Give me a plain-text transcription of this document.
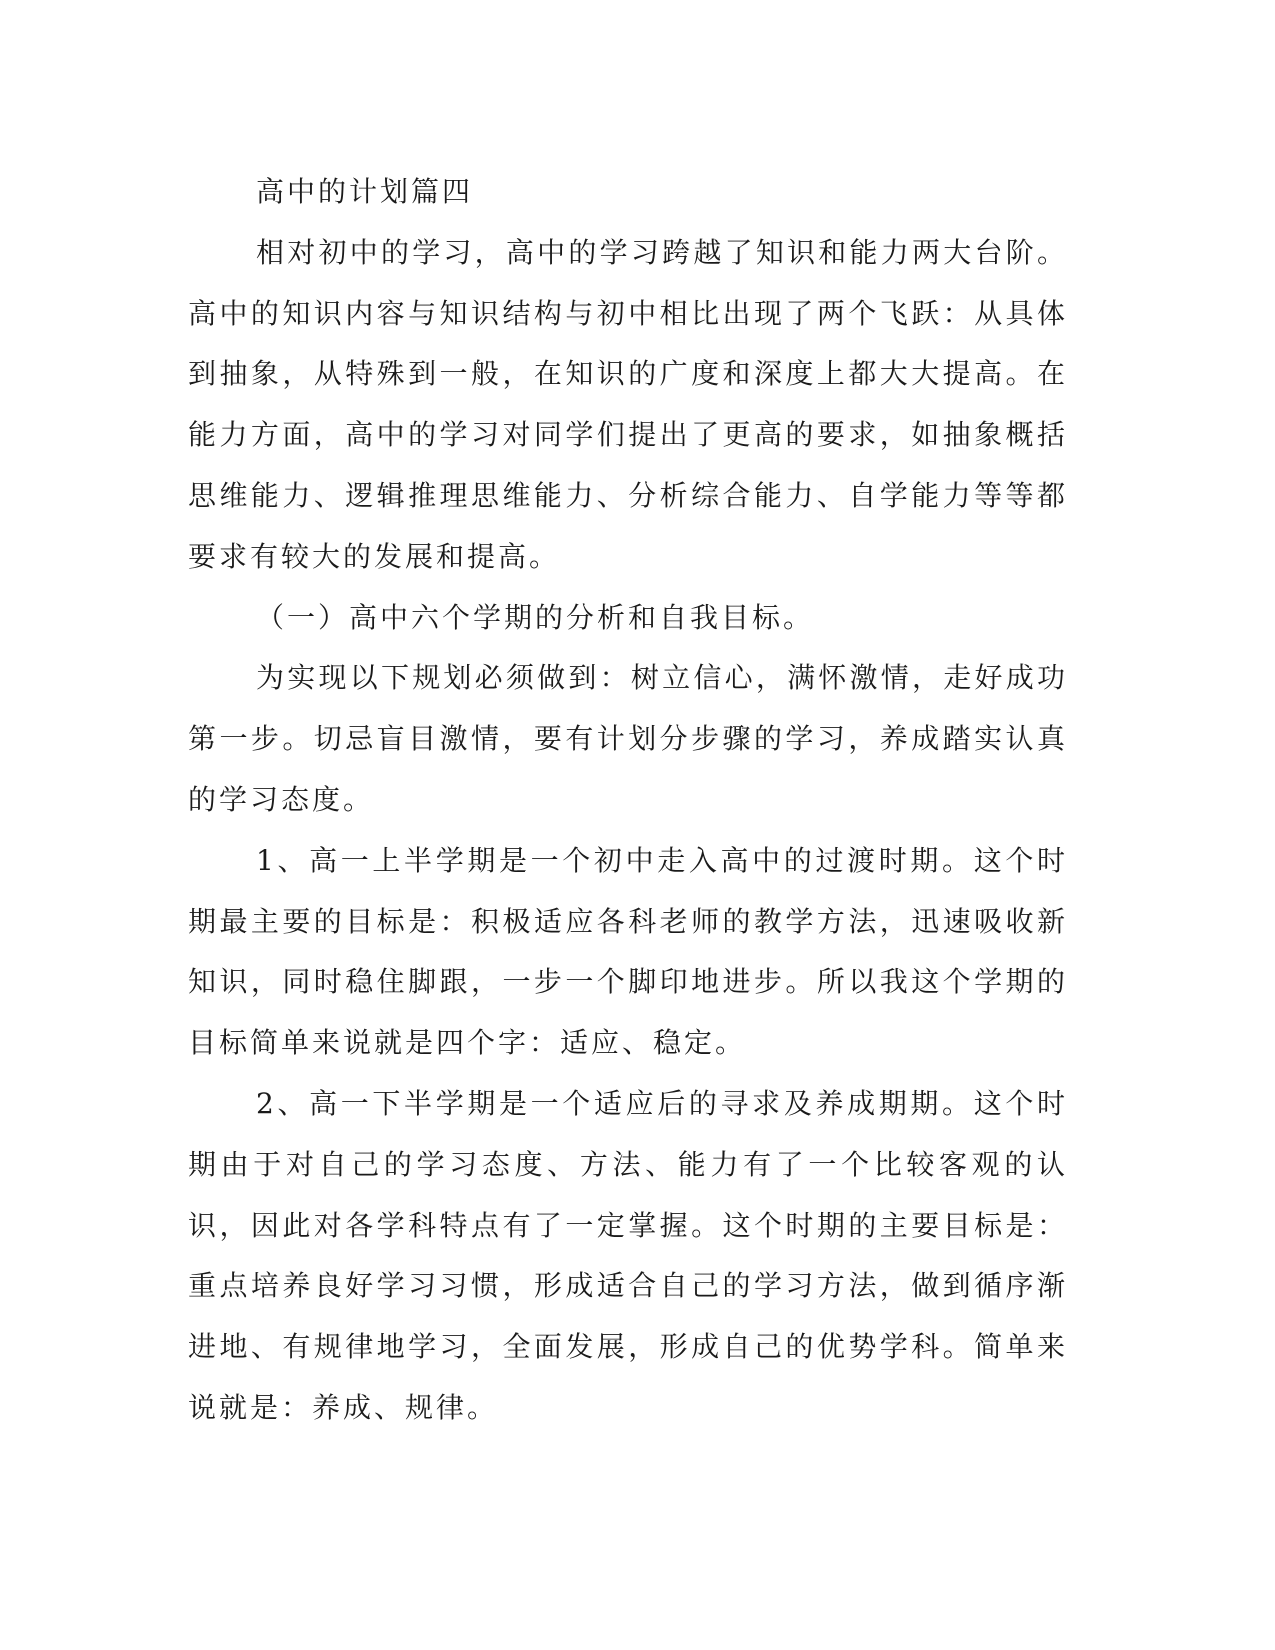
高中的计划篇四

相对初中的学习，高中的学习跨越了知识和能力两大台阶。高中的知识内容与知识结构与初中相比出现了两个飞跃：从具体到抽象，从特殊到一般，在知识的广度和深度上都大大提高。在能力方面，高中的学习对同学们提出了更高的要求，如抽象概括思维能力、逻辑推理思维能力、分析综合能力、自学能力等等都要求有较大的发展和提高。

（一）高中六个学期的分析和自我目标。

为实现以下规划必须做到：树立信心，满怀激情，走好成功第一步。切忌盲目激情，要有计划分步骤的学习，养成踏实认真的学习态度。

1、高一上半学期是一个初中走入高中的过渡时期。这个时期最主要的目标是：积极适应各科老师的教学方法，迅速吸收新知识，同时稳住脚跟，一步一个脚印地进步。所以我这个学期的目标简单来说就是四个字：适应、稳定。

2、高一下半学期是一个适应后的寻求及养成期期。这个时期由于对自己的学习态度、方法、能力有了一个比较客观的认识，因此对各学科特点有了一定掌握。这个时期的主要目标是：重点培养良好学习习惯，形成适合自己的学习方法，做到循序渐进地、有规律地学习，全面发展，形成自己的优势学科。简单来说就是：养成、规律。
